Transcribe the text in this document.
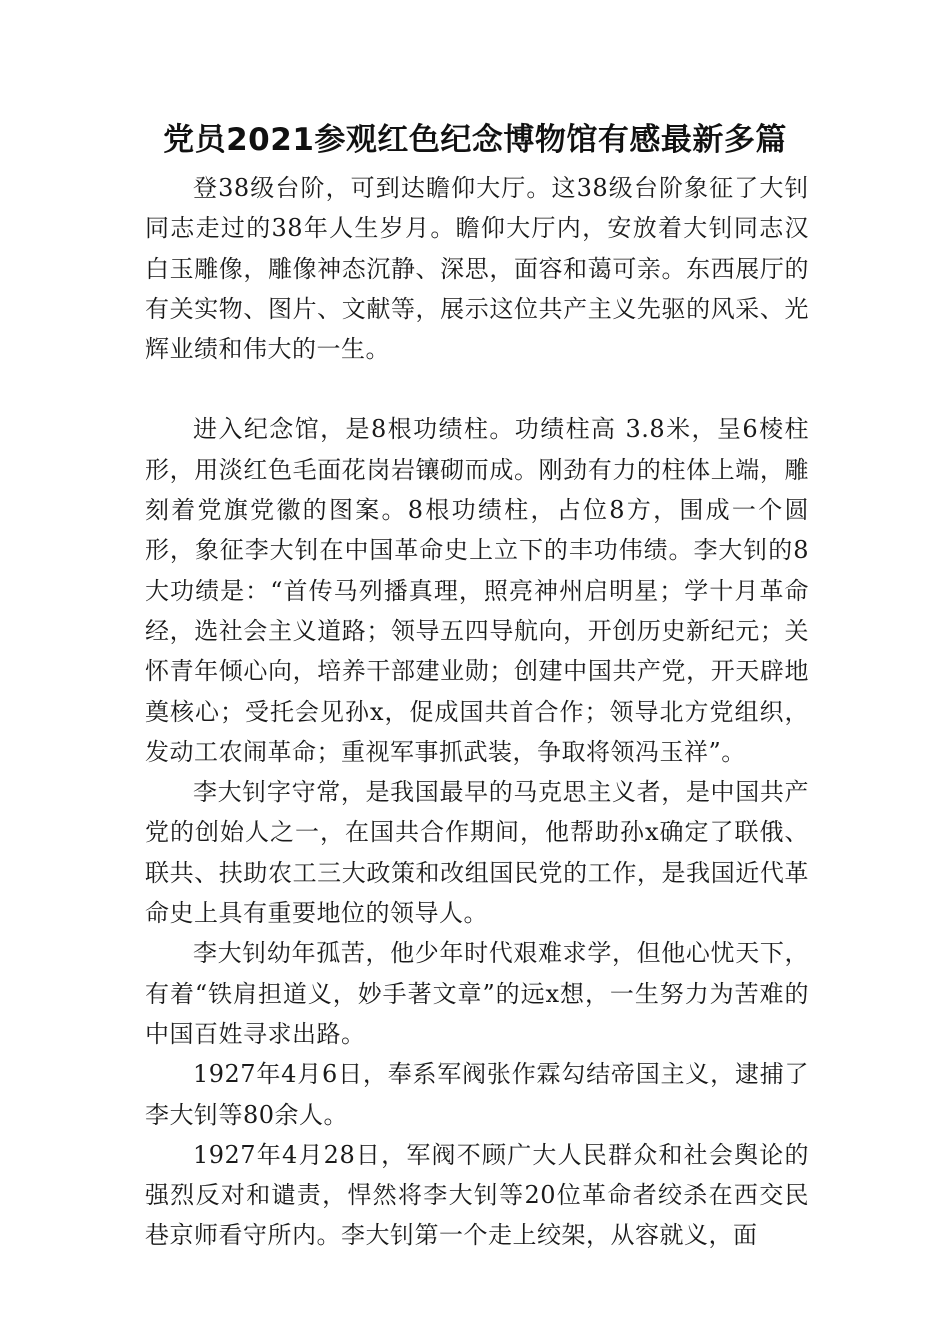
党员2021参观红色纪念博物馆有感最新多篇

登38级台阶，可到达瞻仰大厅。这38级台阶象征了大钊同志走过的38年人生岁月。瞻仰大厅内，安放着大钊同志汉白玉雕像，雕像神态沉静、深思，面容和蔼可亲。东西展厅的有关实物、图片、文献等，展示这位共产主义先驱的风采、光辉业绩和伟大的一生。

进入纪念馆，是8根功绩柱。功绩柱高 3.8米，呈6棱柱形，用淡红色毛面花岗岩镶砌而成。刚劲有力的柱体上端，雕刻着党旗党徽的图案。8根功绩柱，占位8方，围成一个圆形，象征李大钊在中国革命史上立下的丰功伟绩。李大钊的8大功绩是：“首传马列播真理，照亮神州启明星；学十月革命经，选社会主义道路；领导五四导航向，开创历史新纪元；关怀青年倾心向，培养干部建业勋；创建中国共产党，开天辟地奠核心；受托会见孙x，促成国共首合作；领导北方党组织，发动工农闹革命；重视军事抓武装，争取将领冯玉祥”。

李大钊字守常，是我国最早的马克思主义者，是中国共产党的创始人之一，在国共合作期间，他帮助孙x确定了联俄、联共、扶助农工三大政策和改组国民党的工作，是我国近代革命史上具有重要地位的领导人。

李大钊幼年孤苦，他少年时代艰难求学，但他心忧天下，有着“铁肩担道义，妙手著文章”的远x想，一生努力为苦难的中国百姓寻求出路。

1927年4月6日，奉系军阀张作霖勾结帝国主义，逮捕了李大钊等80余人。

1927年4月28日，军阀不顾广大人民群众和社会舆论的强烈反对和谴责，悍然将李大钊等20位革命者绞杀在西交民巷京师看守所内。李大钊第一个走上绞架，从容就义，面
